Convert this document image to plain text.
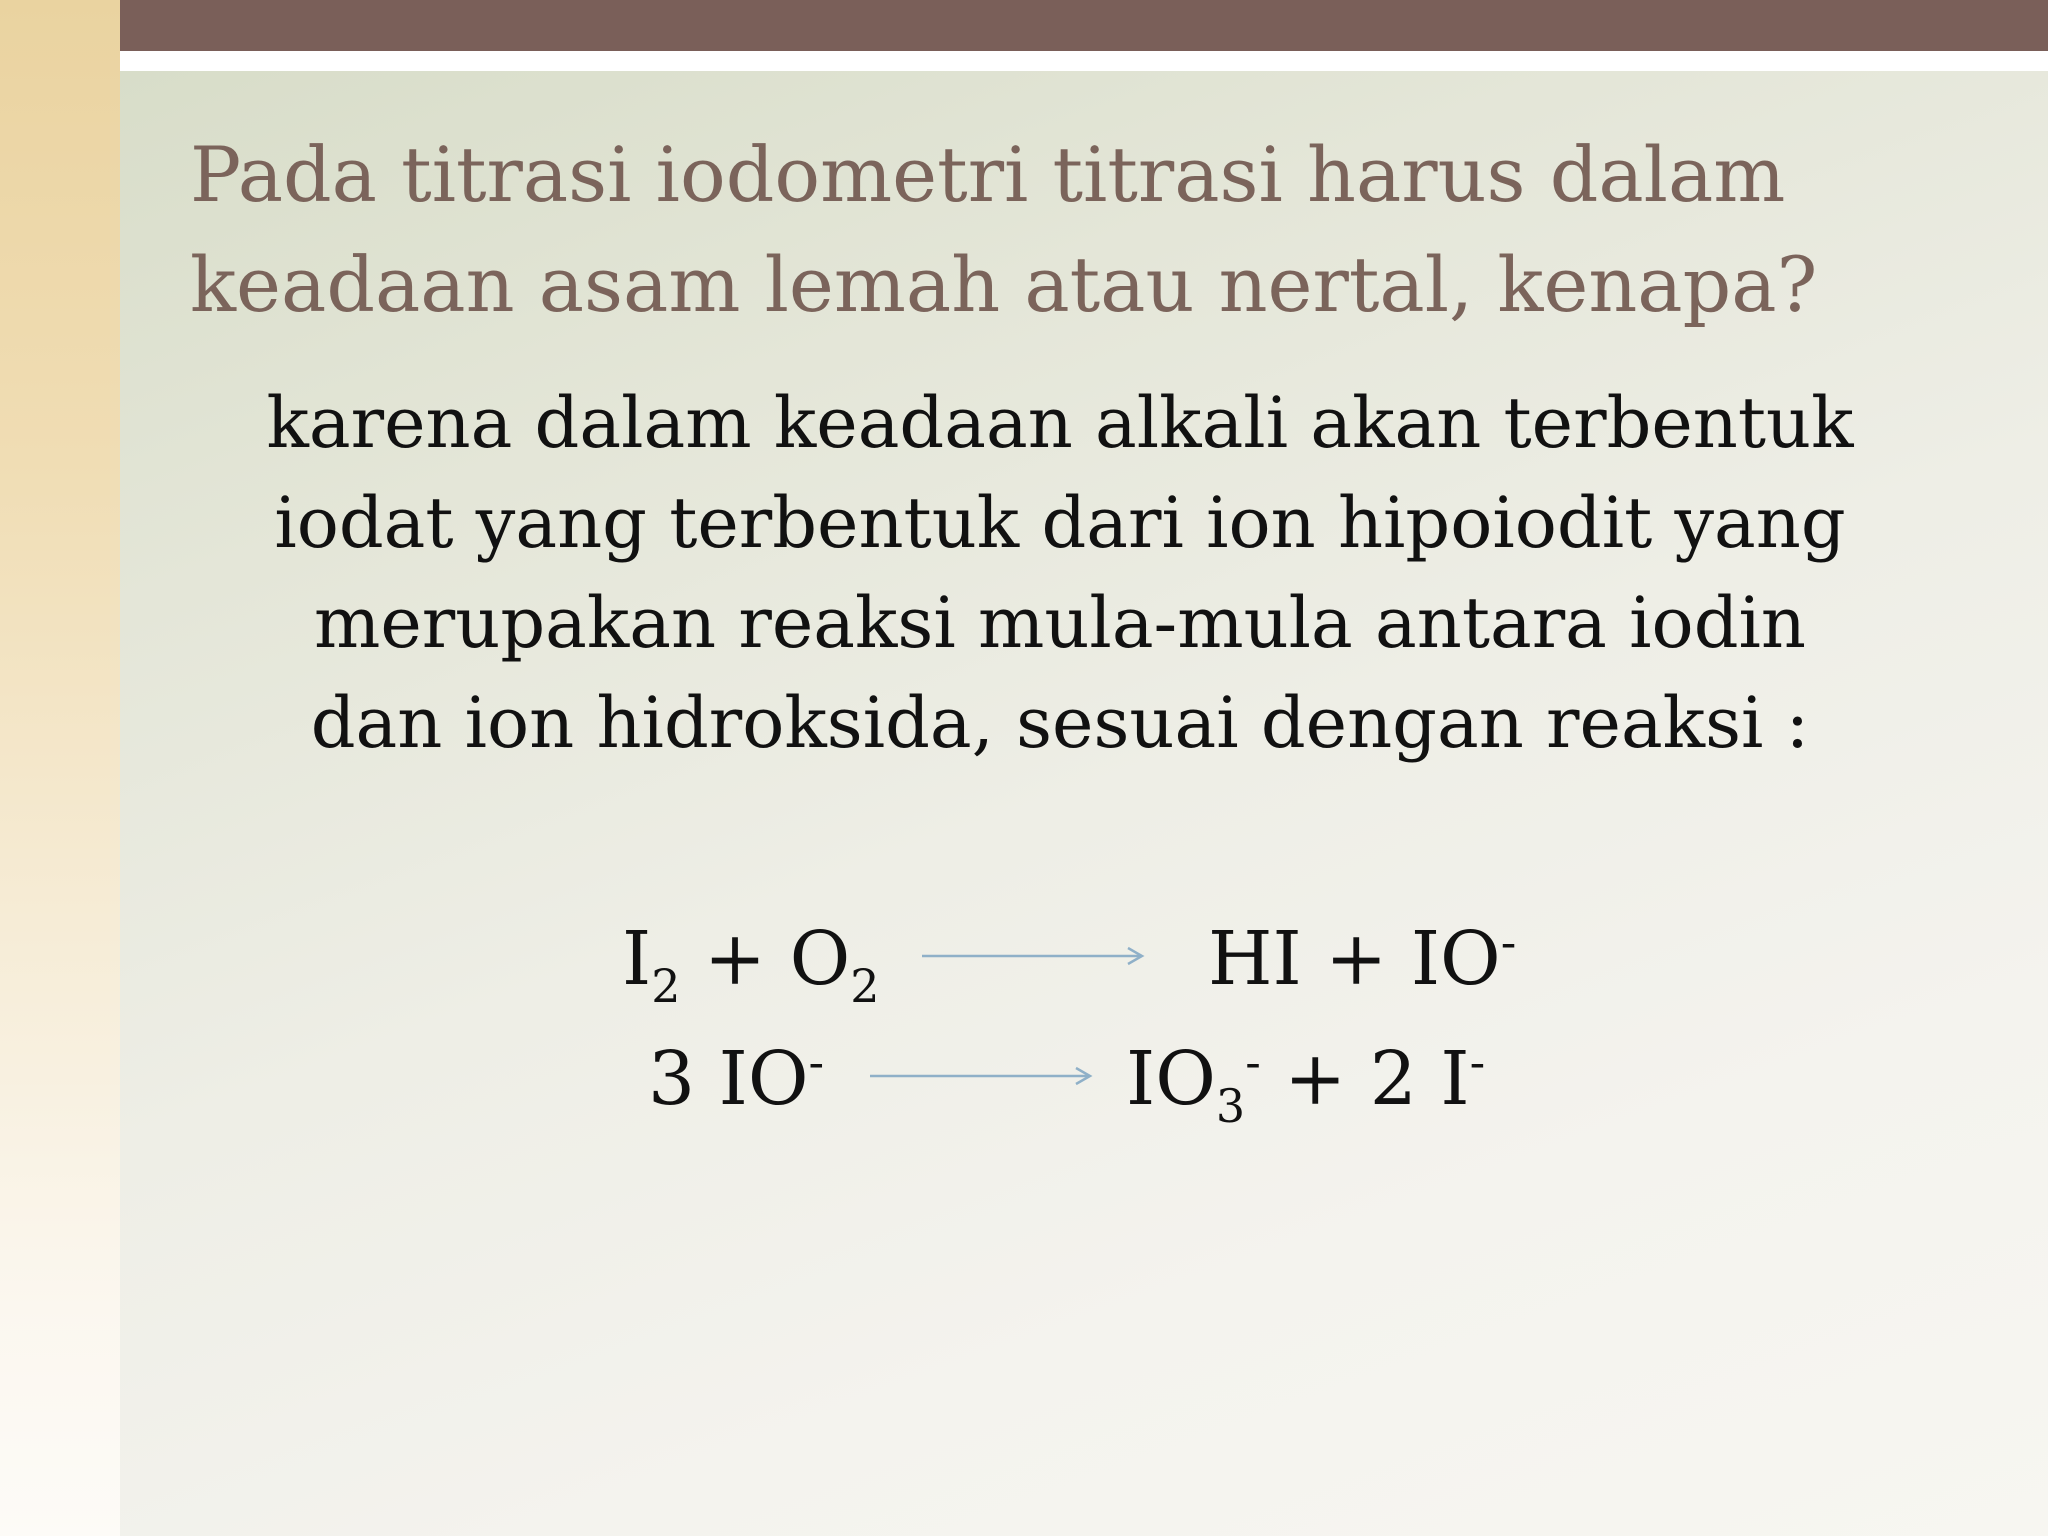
Pada titrasi iodometri titrasi harus dalam
keadaan asam lemah atau nertal, kenapa?

karena dalam keadaan alkali akan terbentuk
iodat yang terbentuk dari ion hipoiodit yang
merupakan reaksi mula-mula antara iodin
dan ion hidroksida, sesuai dengan reaksi :

$I_2 + O_2$	HI + IO-
3 IO-	$IO_3^- + 2$ I-
